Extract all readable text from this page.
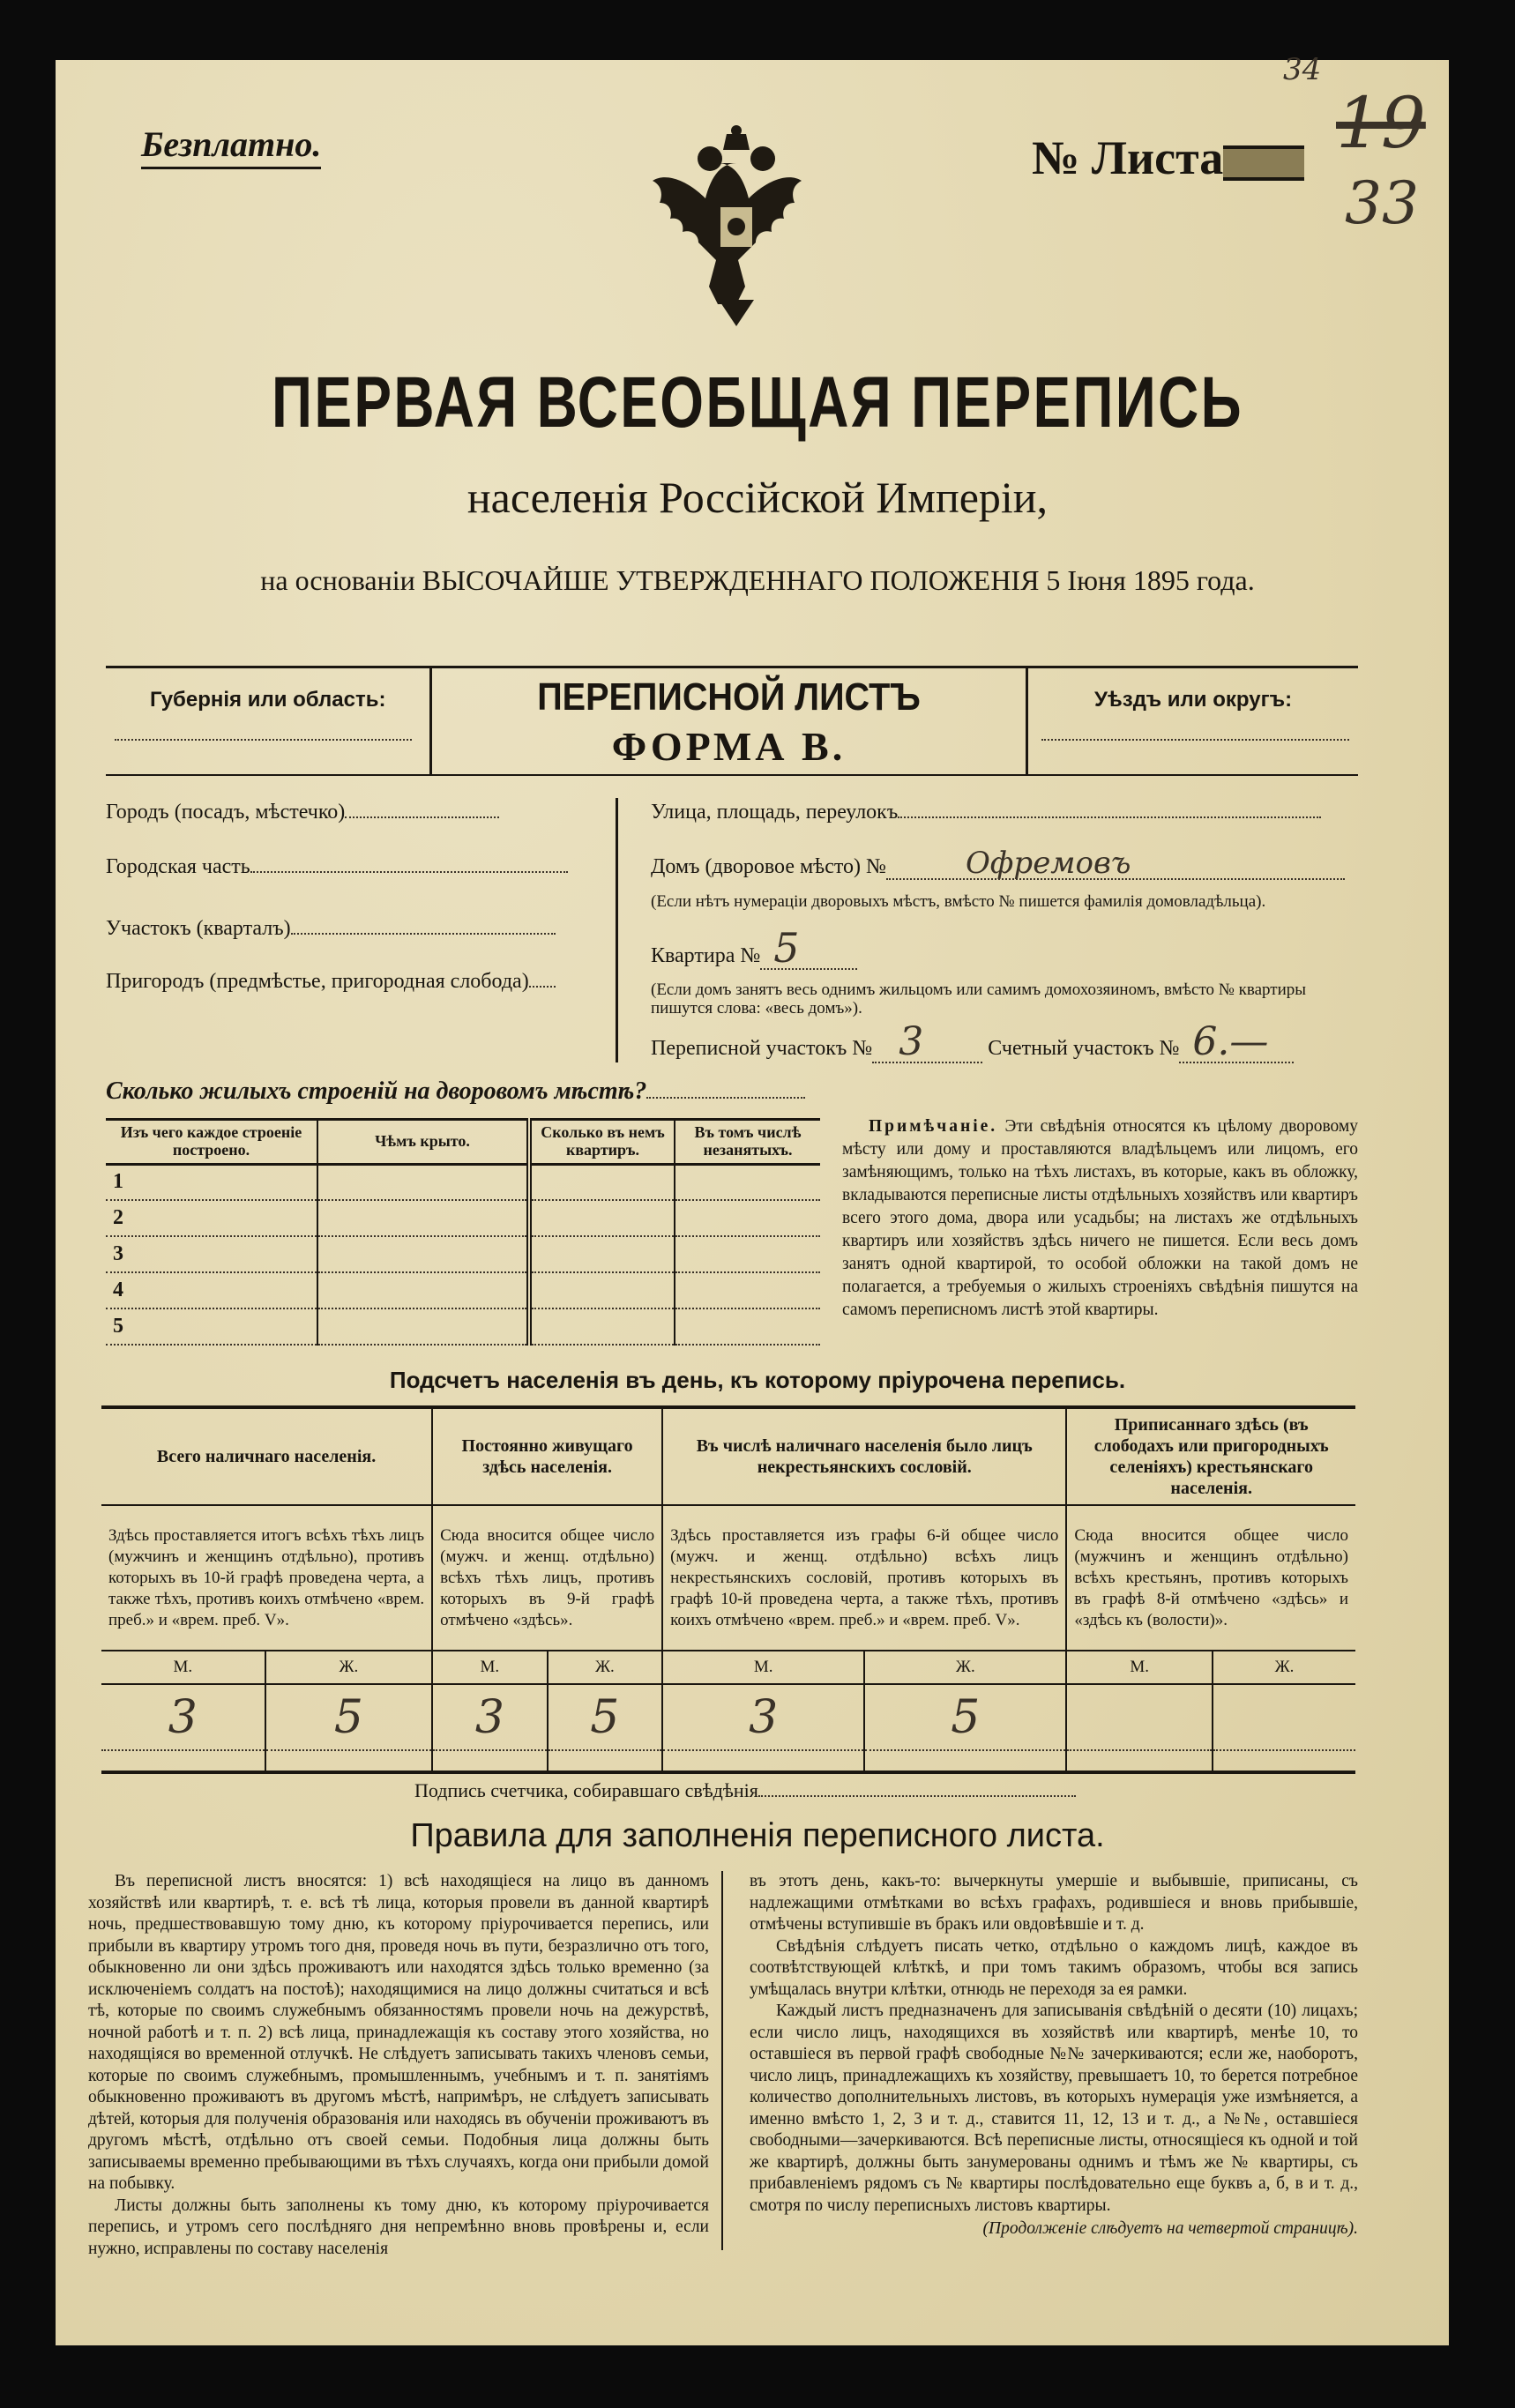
Безплатно.	№ Листа
34
19
33
ПЕРВАЯ ВСЕОБЩАЯ ПЕРЕПИСЬ
населенія Россійской Имперіи,
на основаніи ВЫСОЧАЙШЕ УТВЕРЖДЕННАГО ПОЛОЖЕНІЯ 5 Іюня 1895 года.
Губернія или область:	ПЕРЕПИСНОЙ ЛИСТЪ
ФОРМА В.
Уѣздъ или округъ:
Городъ (посадъ, мѣстечко)
Городская часть
Участокъ (кварталъ)
Пригородъ (предмѣстье, пригородная слобода)
Улица, площадь, переулокъ
Домъ (дворовое мѣсто) №	Офремовъ
(Если нѣтъ нумераціи дворовыхъ мѣстъ, вмѣсто № пишется фамилія домовладѣльца).
Квартира № 5
(Если домъ занятъ весь однимъ жильцомъ или самимъ домохозяиномъ, вмѣсто № квартиры пишутся слова: «весь домъ»).
Переписной участокъ № 3	Счетный участокъ № 6.—
Сколько жилыхъ строеній на дворовомъ мѣстѣ?
Изъ чего каждое строеніе построено.	Чѣмъ крыто.	Сколько въ немъ квартиръ.	Въ томъ числѣ незанятыхъ.
1			
2			
3			
4			
5			
Примѣчаніе. Эти свѣдѣнія относятся къ цѣлому дворовому мѣсту или дому и проставляются владѣльцемъ или лицомъ, его замѣняющимъ, только на тѣхъ листахъ, въ которые, какъ въ обложку, вкладываются переписные листы отдѣльныхъ хозяйствъ или квартиръ всего этого дома, двора или усадьбы; на листахъ же отдѣльныхъ квартиръ или хозяйствъ здѣсь ничего не пишется. Если весь домъ занятъ одной квартирой, то особой обложки на такой домъ не полагается, а требуемыя о жилыхъ строеніяхъ свѣдѣнія пишутся на самомъ переписномъ листѣ этой квартиры.
Подсчетъ населенія въ день, къ которому пріурочена перепись.
Всего наличнаго населенія.		Постоянно живущаго здѣсь населенія.		Въ числѣ наличнаго населенія было лицъ некрестьянскихъ сословій.		Приписаннаго здѣсь (въ слободахъ или пригородныхъ селеніяхъ) крестьянскаго населенія.	
Здѣсь проставляется итогъ всѣхъ тѣхъ лицъ (мужчинъ и женщинъ отдѣльно), противъ которыхъ въ 10-й графѣ проведена черта, а также тѣхъ, противъ коихъ отмѣчено «врем. преб.» и «врем. преб. V».		Сюда вносится общее число (мужч. и женщ. отдѣльно) всѣхъ тѣхъ лицъ, противъ которыхъ въ 9-й графѣ отмѣчено «здѣсь».		Здѣсь проставляется изъ графы 6-й общее число (мужч. и женщ. отдѣльно) всѣхъ лицъ некрестьянскихъ сословій, противъ которыхъ въ графѣ 10-й проведена черта, а также тѣхъ, противъ коихъ отмѣчено «врем. преб.» и «врем. преб. V».		Сюда вносится общее число (мужчинъ и женщинъ отдѣльно) всѣхъ крестьянъ, противъ которыхъ въ графѣ 8-й отмѣчено «здѣсь» и «здѣсь къ (волости)».	
М.	Ж.	М.	Ж.	М.	Ж.	М.	Ж.
3	5	3	5	3	5		

Подпись счетчика, собиравшаго свѣдѣнія
Правила для заполненія переписного листа.

Въ переписной листъ вносятся: 1) всѣ находящіеся на лицо въ данномъ хозяйствѣ или квартирѣ, т. е. всѣ тѣ лица, которыя провели въ данной квартирѣ ночь, предшествовавшую тому дню, къ которому пріурочивается перепись, или прибыли въ квартиру утромъ того дня, проведя ночь въ пути, безразлично отъ того, обыкновенно ли они здѣсь проживаютъ или находятся здѣсь только временно (за исключеніемъ солдатъ на постоѣ); находящимися на лицо должны считаться и всѣ тѣ, которые по своимъ служебнымъ обязанностямъ провели ночь на дежурствѣ, ночной работѣ и т. п. 2) всѣ лица, принадлежащія къ составу этого хозяйства, но находящіяся во временной отлучкѣ. Не слѣдуетъ записывать такихъ членовъ семьи, которые по своимъ служебнымъ, промышленнымъ, учебнымъ и т. п. занятіямъ обыкновенно проживаютъ въ другомъ мѣстѣ, напримѣръ, не слѣдуетъ записывать дѣтей, которыя для полученія образованія или находясь въ обученіи проживаютъ въ другомъ мѣстѣ, отдѣльно отъ своей семьи. Подобныя лица должны быть записываемы временно пребывающими въ тѣхъ случаяхъ, когда они прибыли домой на побывку.

Листы должны быть заполнены къ тому дню, къ которому пріурочивается перепись, и утромъ сего послѣдняго дня непремѣнно вновь провѣрены и, если нужно, исправлены по составу населенія

въ этотъ день, какъ-то: вычеркнуты умершіе и выбывшіе, приписаны, съ надлежащими отмѣтками во всѣхъ графахъ, родившіеся и вновь прибывшіе, отмѣчены вступившіе въ бракъ или овдовѣвшіе и т. д.

Свѣдѣнія слѣдуетъ писать четко, отдѣльно о каждомъ лицѣ, каждое въ соотвѣтствующей клѣткѣ, и при томъ такимъ образомъ, чтобы вся запись умѣщалась внутри клѣтки, отнюдь не переходя за ея рамки.

Каждый листъ предназначенъ для записыванія свѣдѣній о десяти (10) лицахъ; если число лицъ, находящихся въ хозяйствѣ или квартирѣ, менѣе 10, то оставшіеся въ первой графѣ свободные №№ зачеркиваются; если же, наоборотъ, число лицъ, принадлежащихъ къ хозяйству, превышаетъ 10, то берется потребное количество дополнительныхъ листовъ, въ которыхъ нумерація уже измѣняется, а именно вмѣсто 1, 2, 3 и т. д., ставится 11, 12, 13 и т. д., а №№, оставшіеся свободными—зачеркиваются. Всѣ переписные листы, относящіеся къ одной и той же квартирѣ, должны быть занумерованы однимъ и тѣмъ же № квартиры, съ прибавленіемъ рядомъ съ № квартиры послѣдовательно еще буквъ а, б, в и т. д., смотря по числу переписныхъ листовъ квартиры.

(Продолженіе слѣдуетъ на четвертой страницѣ).
